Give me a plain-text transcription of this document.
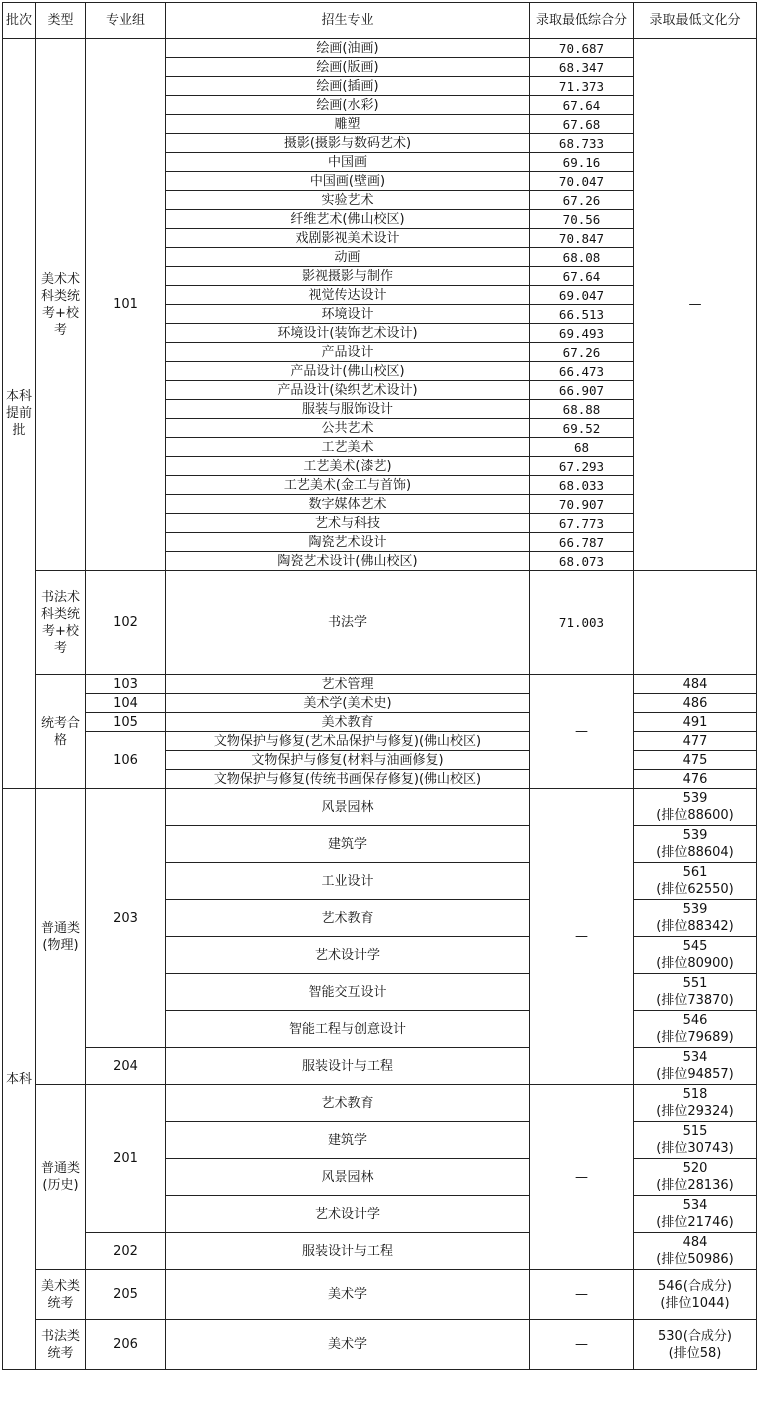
批次	类型	专业组	招生专业	录取最低综合分	录取最低文化分
本科提前批	美术术科类统考+校考	101	绘画(油画)	70.687	—
			绘画(版画)	68.347	
			绘画(插画)	71.373	
			绘画(水彩)	67.64	
			雕塑	67.68	
			摄影(摄影与数码艺术)	68.733	
			中国画	69.16	
			中国画(壁画)	70.047	
			实验艺术	67.26	
			纤维艺术(佛山校区)	70.56	
			戏剧影视美术设计	70.847	
			动画	68.08	
			影视摄影与制作	67.64	
			视觉传达设计	69.047	
			环境设计	66.513	
			环境设计(装饰艺术设计)	69.493	
			产品设计	67.26	
			产品设计(佛山校区)	66.473	
			产品设计(染织艺术设计)	66.907	
			服装与服饰设计	68.88	
			公共艺术	69.52	
			工艺美术	68	
			工艺美术(漆艺)	67.293	
			工艺美术(金工与首饰)	68.033	
			数字媒体艺术	70.907	
			艺术与科技	67.773	
			陶瓷艺术设计	66.787	
			陶瓷艺术设计(佛山校区)	68.073	
	书法术科类统考+校考	102	书法学	71.003	
	统考合格	103	艺术管理	—	484
		104	美术学(美术史)		486
		105	美术教育		491
		106	文物保护与修复(艺术品保护与修复)(佛山校区)		477
			文物保护与修复(材料与油画修复)		475
			文物保护与修复(传统书画保存修复)(佛山校区)		476
本科	普通类(物理)	203	风景园林	—	539
(排位88600)
			建筑学		539
(排位88604)
			工业设计		561
(排位62550)
			艺术教育		539
(排位88342)
			艺术设计学		545
(排位80900)
			智能交互设计		551
(排位73870)
			智能工程与创意设计		546
(排位79689)
		204	服装设计与工程		534
(排位94857)
	普通类(历史)	201	艺术教育	—	518
(排位29324)
			建筑学		515
(排位30743)
			风景园林		520
(排位28136)
			艺术设计学		534
(排位21746)
		202	服装设计与工程		484
(排位50986)
	美术类统考	205	美术学	—	546(合成分)
(排位1044)
	书法类统考	206	美术学	—	530(合成分)
(排位58)
